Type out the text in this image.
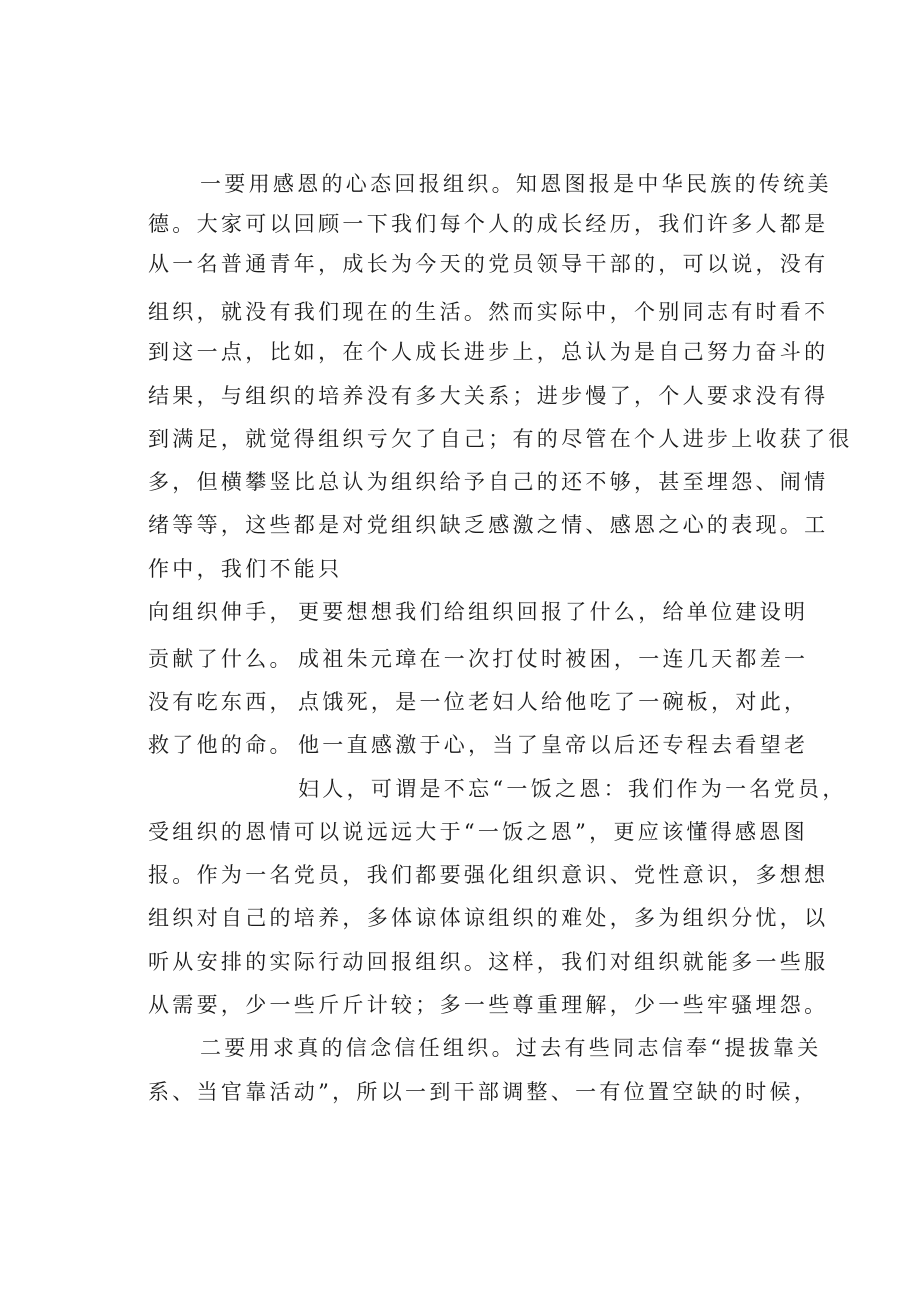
一要用感恩的心态回报组织。知恩图报是中华民族的传统美
德。大家可以回顾一下我们每个人的成长经历，我们许多人都是
从一名普通青年，成长为今天的党员领导干部的，可以说，没有
组织，就没有我们现在的生活。然而实际中，个别同志有时看不
到这一点，比如，在个人成长进步上，总认为是自己努力奋斗的
结果，与组织的培养没有多大关系；进步慢了，个人要求没有得
到满足，就觉得组织亏欠了自己；有的尽管在个人进步上收获了很
多，但横攀竖比总认为组织给予自己的还不够，甚至埋怨、闹情
绪等等，这些都是对党组织缺乏感激之情、感恩之心的表现。工
作中，我们不能只
向组织伸手， 更要想想我们给组织回报了什么，给单位建设明
贡献了什么。 成祖朱元璋在一次打仗时被困，一连几天都差一
没有吃东西， 点饿死，是一位老妇人给他吃了一碗板，对此，
救了他的命。 他一直感激于心，当了皇帝以后还专程去看望老
妇人，可谓是不忘“一饭之恩：我们作为一名党员，
受组织的恩情可以说远远大于“一饭之恩”，更应该懂得感恩图
报。作为一名党员，我们都要强化组织意识、党性意识，多想想
组织对自己的培养，多体谅体谅组织的难处，多为组织分忧，以
听从安排的实际行动回报组织。这样，我们对组织就能多一些服
从需要，少一些斤斤计较；多一些尊重理解，少一些牢骚埋怨。
二要用求真的信念信任组织。过去有些同志信奉“提拔靠关
系、当官靠活动”，所以一到干部调整、一有位置空缺的时候，
